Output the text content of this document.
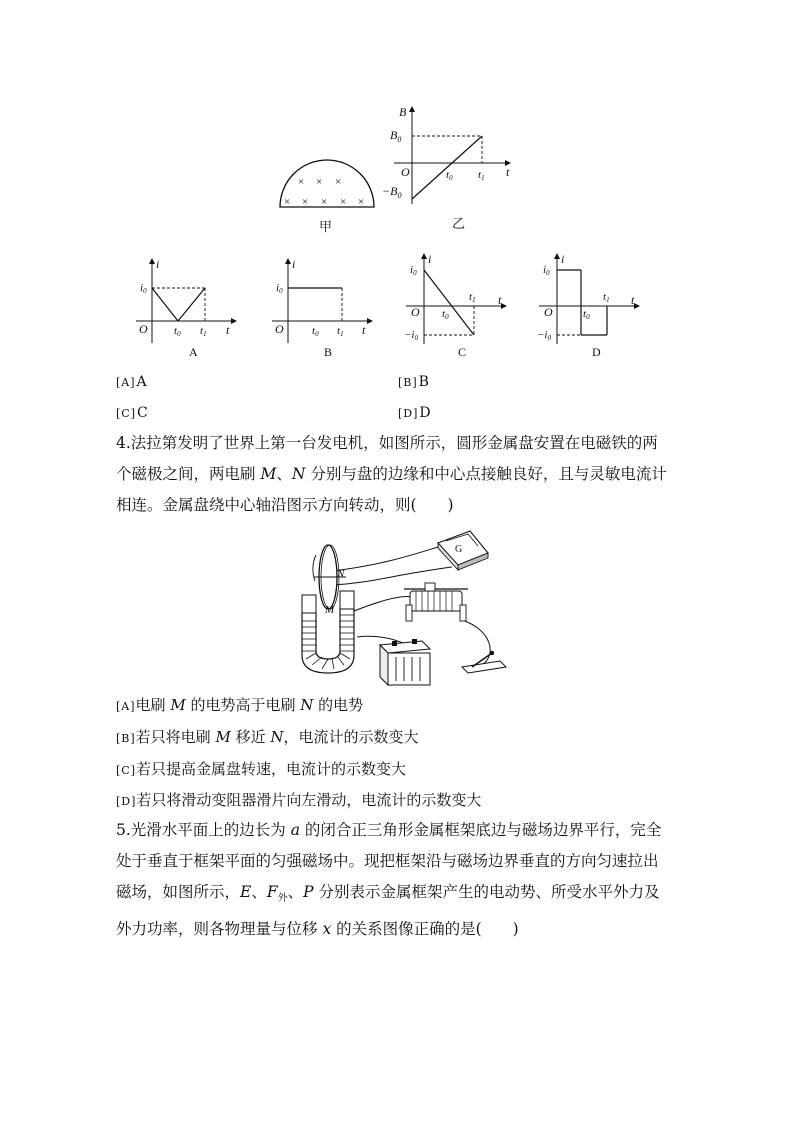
× × ×
× × × × ×
甲
B
t
O
$B_0$
$-B_0$
t0 t1
乙
i
t
O
i0
t0 t1
A
i
t
O
i0
t0 t1
B
i
t
O
i0
−i0
t0
t1
C
i
t
O
i0
−i0
t0
t1
D
[A]A	[B]B
[C]C	[D]D

4.法拉第发明了世界上第一台发电机，如图所示，圆形金属盘安置在电磁铁的两

个磁极之间，两电刷 M、N 分别与盘的边缘和中心点接触良好，且与灵敏电流计

相连。金属盘绕中心轴沿图示方向转动，则(　　)

G
N
M
[A]电刷 M 的电势高于电刷 N 的电势
[B]若只将电刷 M 移近 N，电流计的示数变大
[C]若只提高金属盘转速，电流计的示数变大
[D]若只将滑动变阻器滑片向左滑动，电流计的示数变大

5.光滑水平面上的边长为 a 的闭合正三角形金属框架底边与磁场边界平行，完全

处于垂直于框架平面的匀强磁场中。现把框架沿与磁场边界垂直的方向匀速拉出

磁场，如图所示，E、$F_外$、P 分别表示金属框架产生的电动势、所受水平外力及

外力功率，则各物理量与位移 x 的关系图像正确的是(　　)
